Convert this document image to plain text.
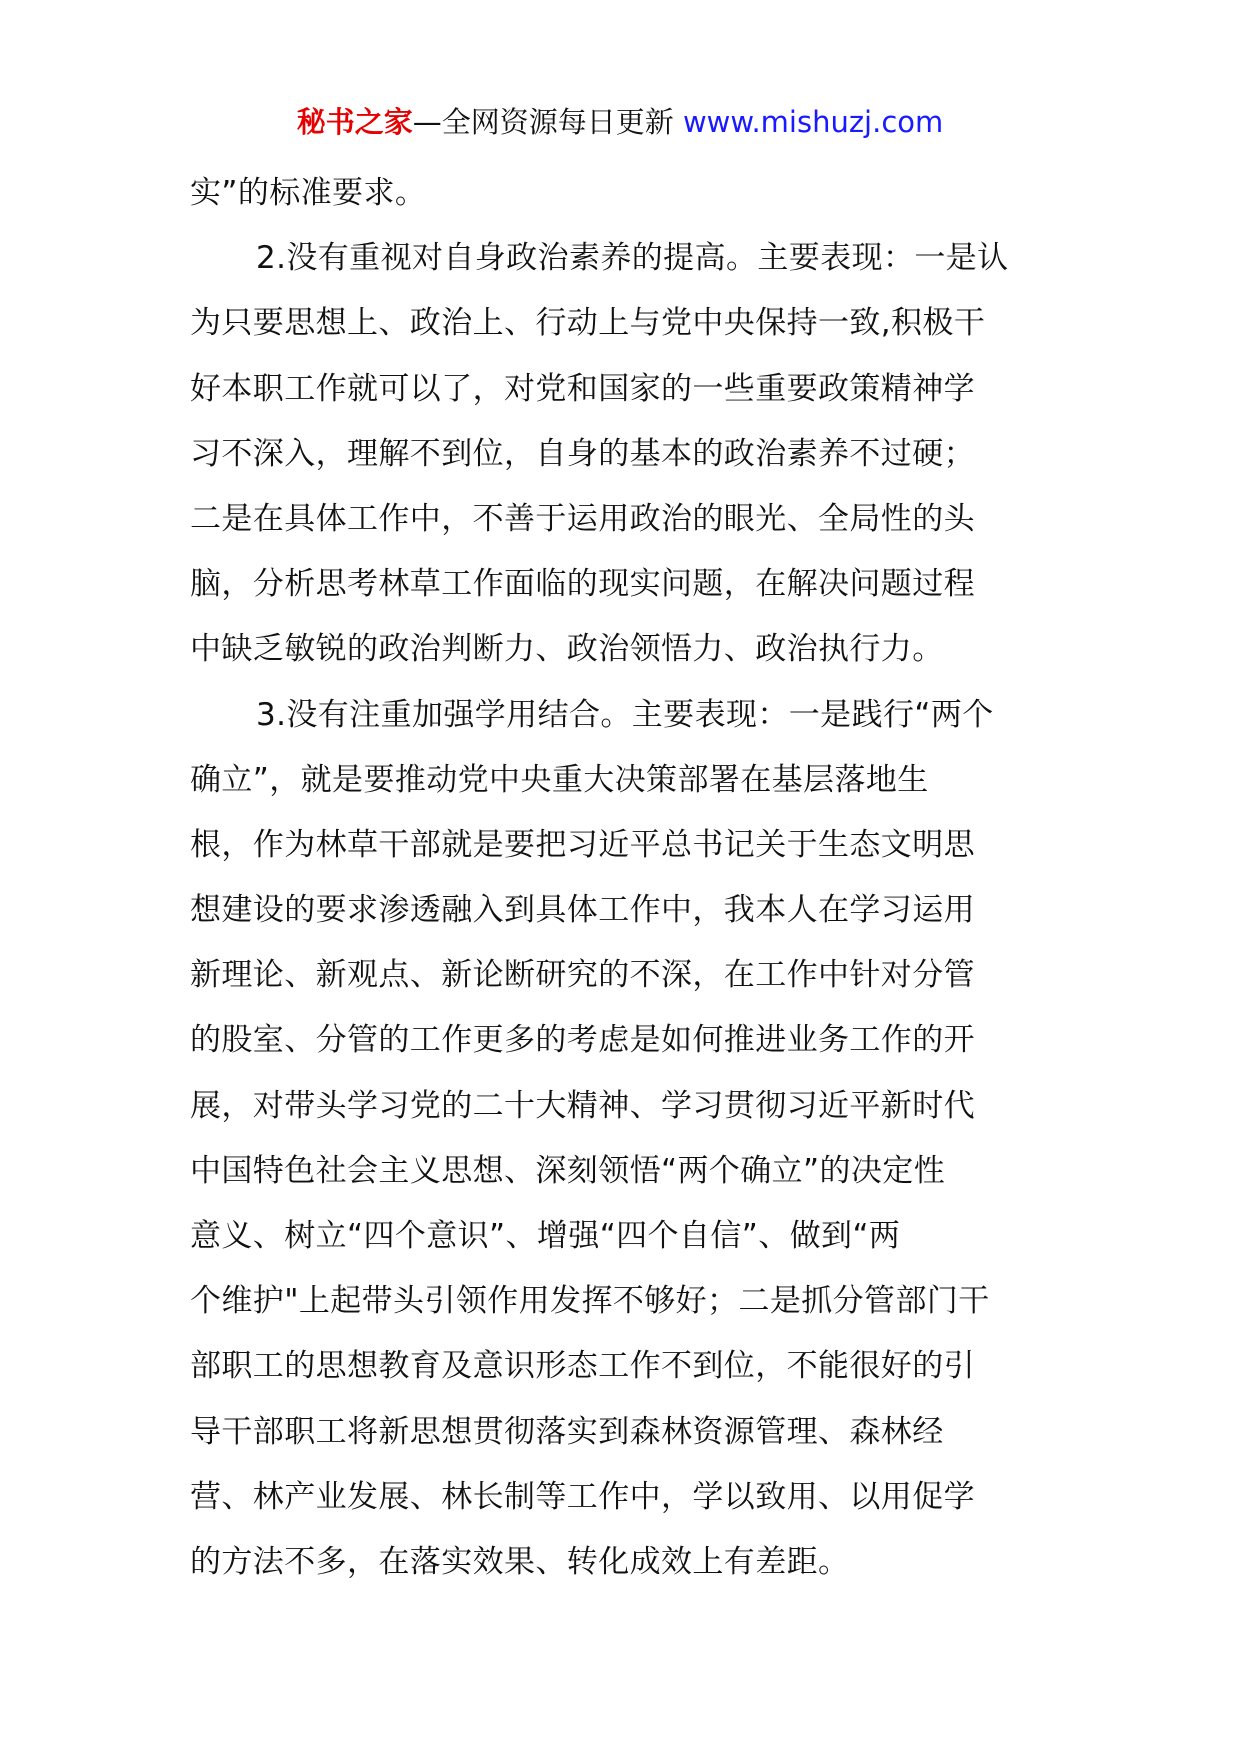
秘书之家—全网资源每日更新 www.mishuzj.com
实”的标准要求。
2.没有重视对自身政治素养的提高。主要表现：一是认
为只要思想上、政治上、行动上与党中央保持一致,积极干
好本职工作就可以了，对党和国家的一些重要政策精神学
习不深入，理解不到位，自身的基本的政治素养不过硬；
二是在具体工作中，不善于运用政治的眼光、全局性的头
脑，分析思考林草工作面临的现实问题，在解决问题过程
中缺乏敏锐的政治判断力、政治领悟力、政治执行力。
3.没有注重加强学用结合。主要表现：一是践行“两个
确立”，就是要推动党中央重大决策部署在基层落地生
根，作为林草干部就是要把习近平总书记关于生态文明思
想建设的要求渗透融入到具体工作中，我本人在学习运用
新理论、新观点、新论断研究的不深，在工作中针对分管
的股室、分管的工作更多的考虑是如何推进业务工作的开
展，对带头学习党的二十大精神、学习贯彻习近平新时代
中国特色社会主义思想、深刻领悟“两个确立”的决定性
意义、树立“四个意识”、增强“四个自信”、做到“两
个维护"上起带头引领作用发挥不够好；二是抓分管部门干
部职工的思想教育及意识形态工作不到位，不能很好的引
导干部职工将新思想贯彻落实到森林资源管理、森林经
营、林产业发展、林长制等工作中，学以致用、以用促学
的方法不多，在落实效果、转化成效上有差距。
